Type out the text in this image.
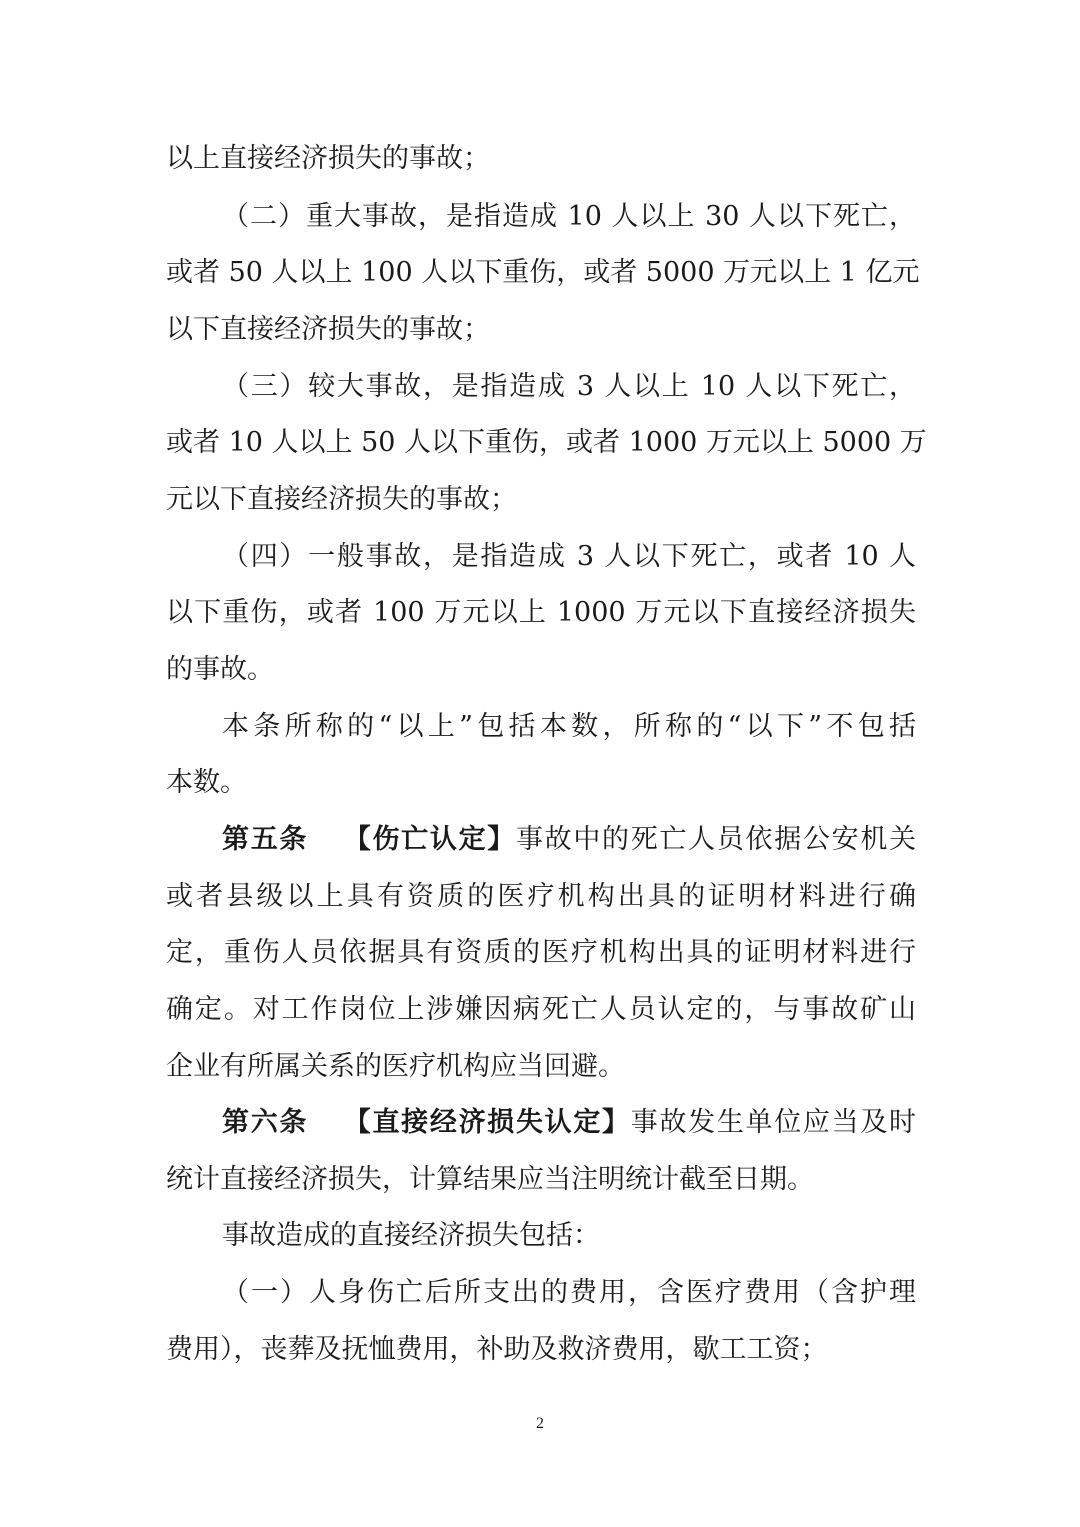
以上直接经济损失的事故；
（二）重大事故，是指造成 10 人以上 30 人以下死亡，
或者 50 人以上 100 人以下重伤，或者 5000 万元以上 1 亿元
以下直接经济损失的事故；
（三）较大事故，是指造成 3 人以上 10 人以下死亡，
或者 10 人以上 50 人以下重伤，或者 1000 万元以上 5000 万
元以下直接经济损失的事故；
（四）一般事故，是指造成 3 人以下死亡，或者 10 人
以下重伤，或者 100 万元以上 1000 万元以下直接经济损失
的事故。
本条所称的“以上”包括本数，所称的“以下”不包括
本数。
第五条 【伤亡认定】事故中的死亡人员依据公安机关
或者县级以上具有资质的医疗机构出具的证明材料进行确
定，重伤人员依据具有资质的医疗机构出具的证明材料进行
确定。对工作岗位上涉嫌因病死亡人员认定的，与事故矿山
企业有所属关系的医疗机构应当回避。
第六条 【直接经济损失认定】事故发生单位应当及时
统计直接经济损失，计算结果应当注明统计截至日期。
事故造成的直接经济损失包括：
（一）人身伤亡后所支出的费用，含医疗费用（含护理
费用），丧葬及抚恤费用，补助及救济费用，歇工工资；
2
